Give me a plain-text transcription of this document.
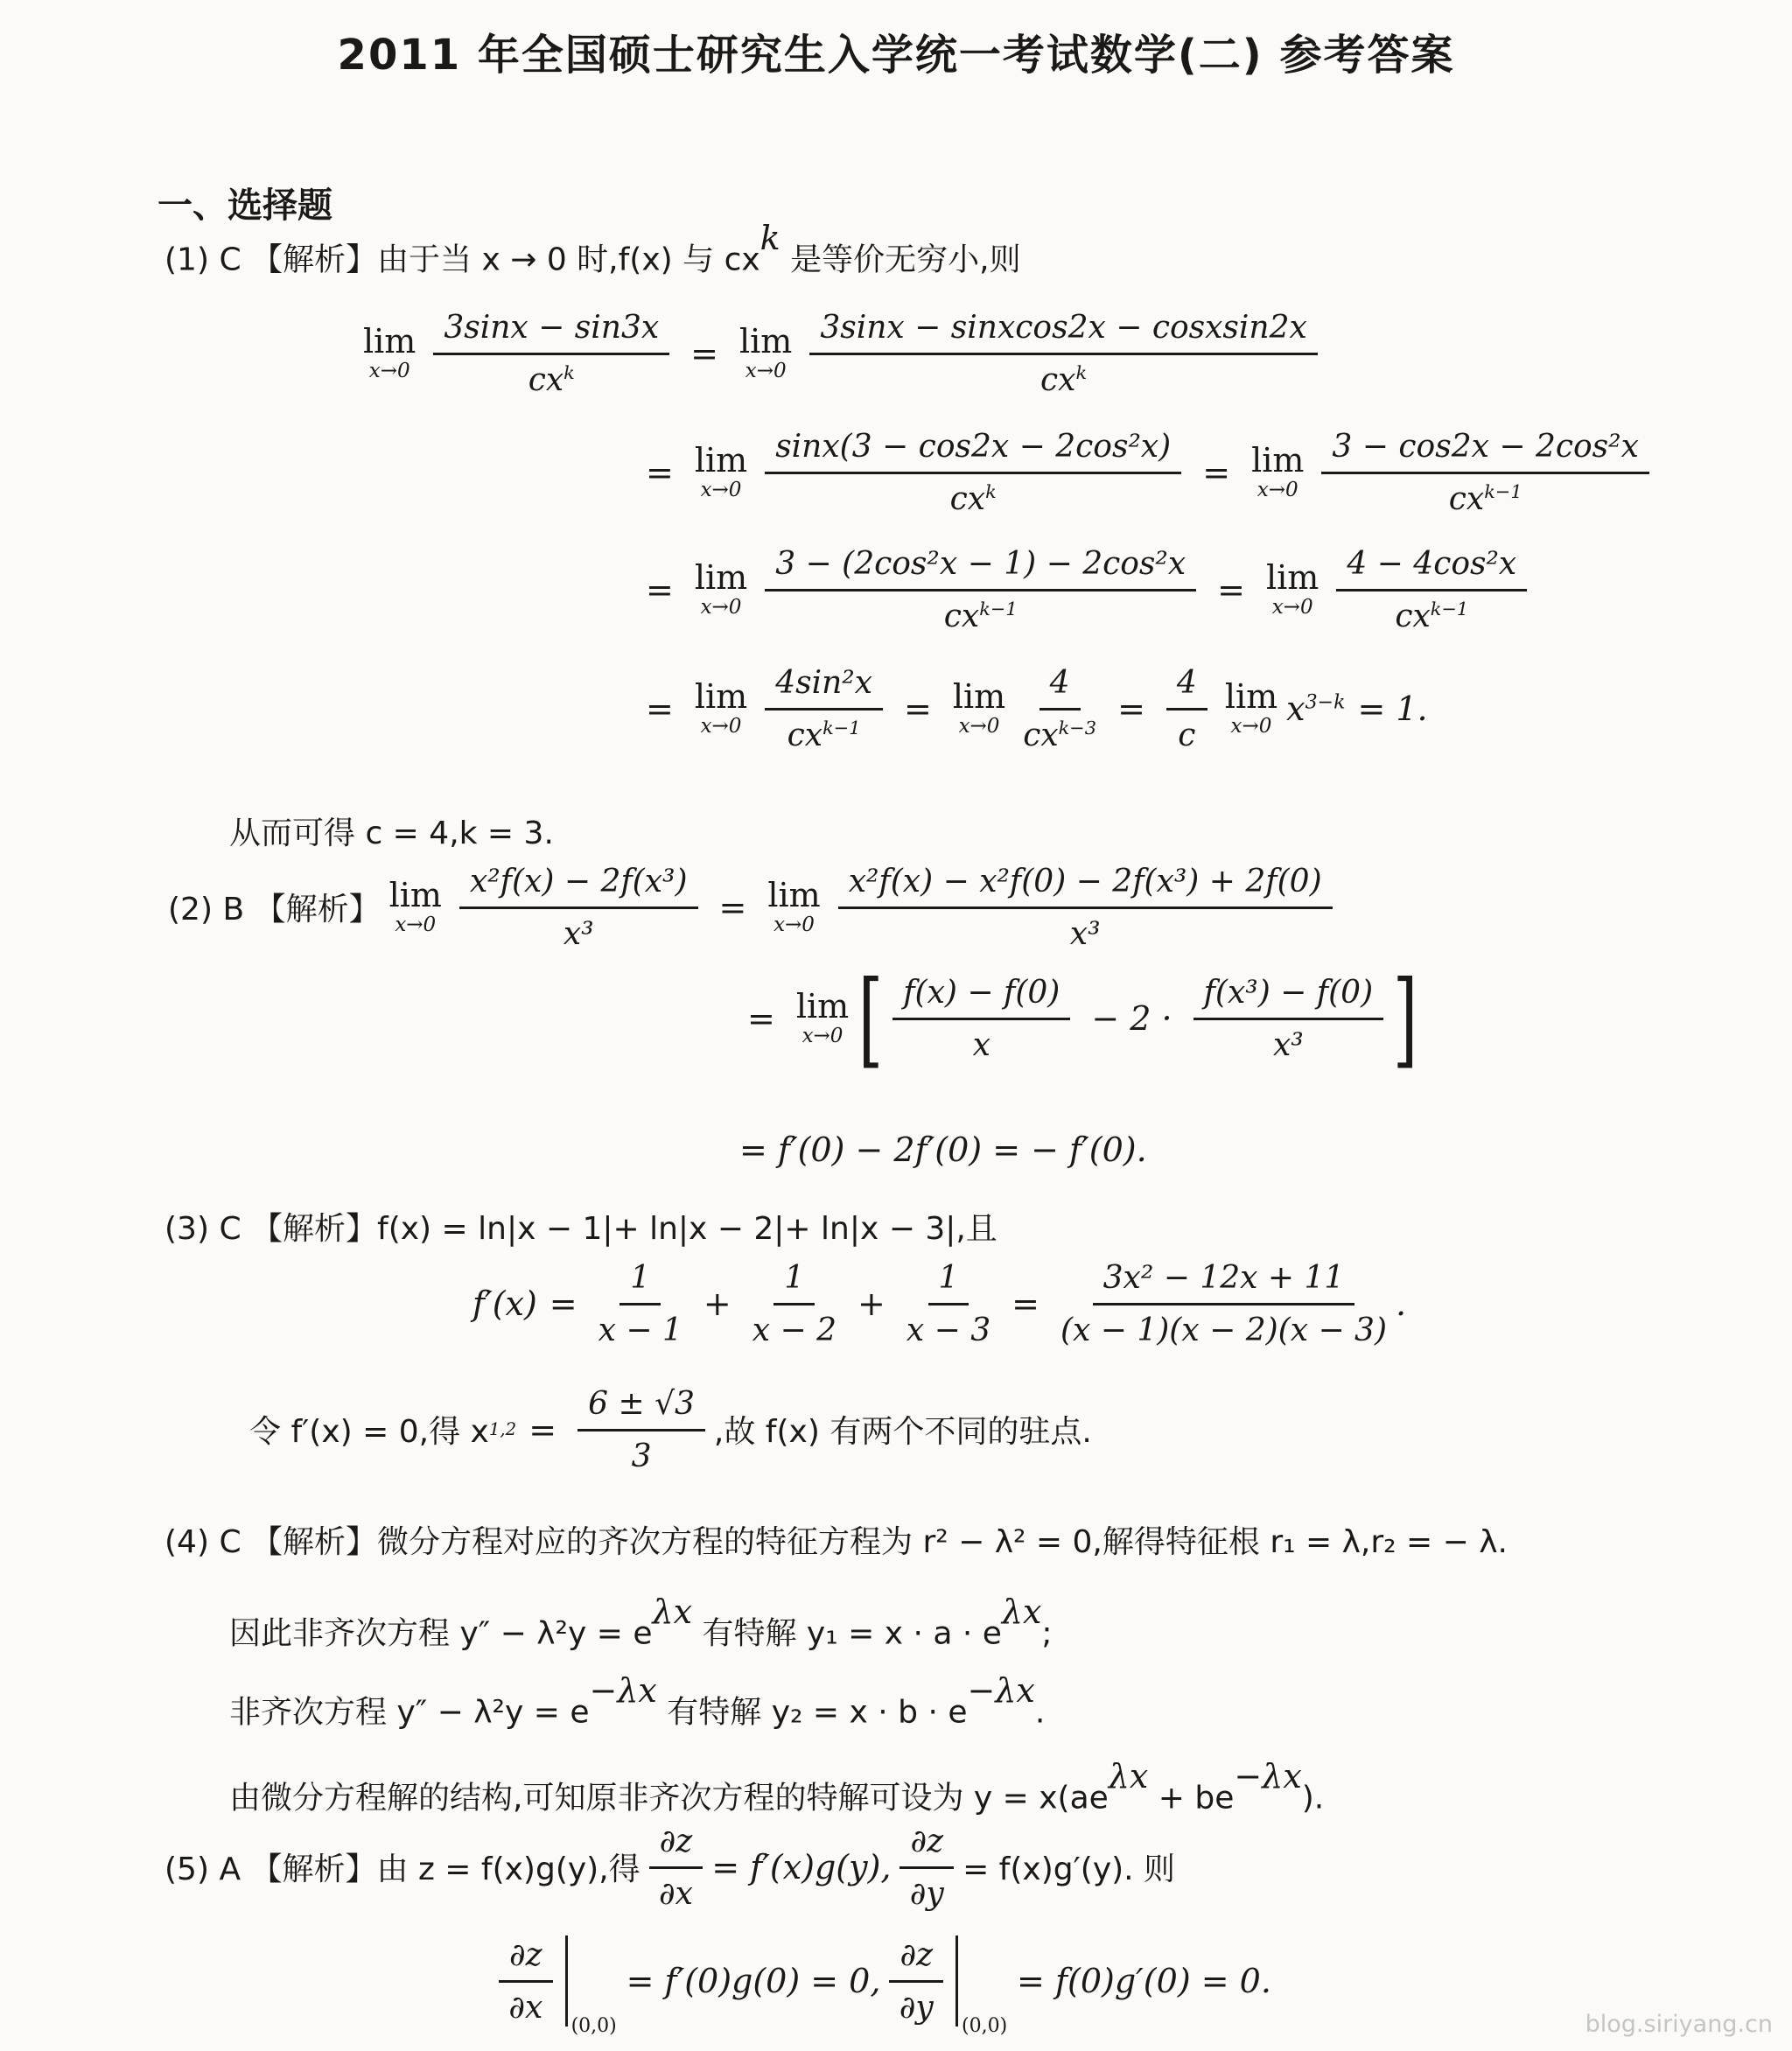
2011 年全国硕士研究生入学统一考试数学(二) 参考答案
一、选择题
(1) C 【解析】由于当 x → 0 时,f(x) 与 $cx^k$ 是等价无穷小,则
lim
$x\to 0 \frac{3\sin x - \sin 3x}{cx^k} = \lim$
$x\to 0 \frac{\text{3sinx − sinxcos2x − cosxsin2x}}{cx^k}$
= lim
$x\to 0 \frac{\text{sinx(3 − cos2x − 2cos²x)}}{cx^k} = \lim$
$x\to 0 \frac{\text{3 − cos2x − 2cos²x}}{cx^{k-1}}$
= lim
$x\to 0 \frac{\text{3 − (2cos²x − 1) − 2cos²x}}{cx^{k-1}} = \lim$
$x\to 0 \frac{\text{4 − 4cos²x}}{cx^{k-1}}$
= lim
$x\to 0 \frac{\text{4sin²x}}{cx^{k-1}} = \lim$
$x\to 0 \frac{4}{cx^{k-3}} = \frac{4}{c}$ lim
x→0 $x^{3-k} = 1$.
从而可得 c = 4,k = 3.
(2) B 【解析】 lim
$x\to 0 \frac{\text{x²f(x) − 2f(x³)}}{\text{x³}} = \lim$
$x\to 0 \frac{\text{x²f(x) − x²f(0) − 2f(x³) + 2f(0)}}{\text{x³}}$
= lim
x→0 [ $\frac{f(x) - f(0)}{x} - 2 \cdot \frac{\text{f(x³) − f(0)}}{\text{x³}}$ ]
= f′(0) − 2f′(0) = − f′(0).
(3) C 【解析】f(x) = ln|x − 1|+ ln|x − 2|+ ln|x − 3|,且
$f'(x) = \frac{1}{x - 1} + \frac{1}{x - 2} + \frac{1}{x - 3} = \frac{\text{3x² − 12x + 11}}{(x - 1)(x - 2)(x - 3)}$ .
令 f′(x) = 0,得 x $1,2 = \frac{6 \pm √3}{3}$ ,故 f(x) 有两个不同的驻点.
(4) C 【解析】微分方程对应的齐次方程的特征方程为 r² − λ² = 0,解得特征根 r₁ = λ,r₂ = − λ.
因此非齐次方程 $y'' - \lambda^2y = e^{\lambda x}$ 有特解 $y_1 = x \cdot a \cdot e^{\lambda x}$;
非齐次方程 $y'' - \lambda^2y = e^{-\lambda x}$ 有特解 $y_2 = x \cdot b \cdot e^{-\lambda x}$.
由微分方程解的结构,可知原非齐次方程的特解可设为 $y = x(ae^{\lambda x} + be^{-\lambda x})$.
(5) A 【解析】由 z = f(x)g(y),得 $\frac{\partial z}{\partial x} = f'(x)g(y)$, $\frac{\partial z}{\partial y} = f(x)g'(y)$. 则
$\frac{\partial z}{\partial x} (0,0)$
= f′(0)g(0) = 0, $\frac{\partial z}{\partial y} (0,0)$
= f(0)g′(0) = 0.
blog.siriyang.cn
